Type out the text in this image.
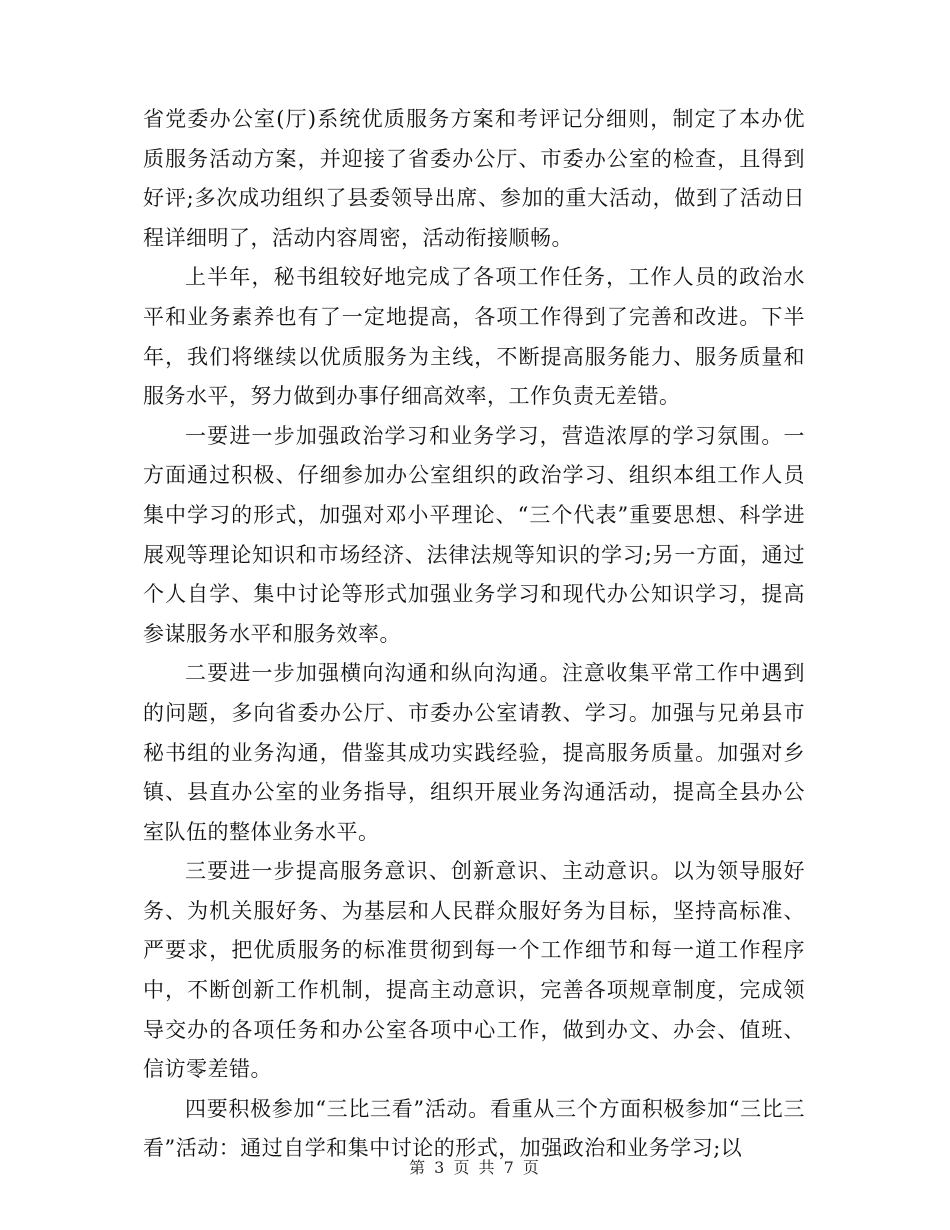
省党委办公室(厅)系统优质服务方案和考评记分细则，制定了本办优质服务活动方案，并迎接了省委办公厅、市委办公室的检查，且得到好评;多次成功组织了县委领导出席、参加的重大活动，做到了活动日程详细明了，活动内容周密，活动衔接顺畅。

上半年，秘书组较好地完成了各项工作任务，工作人员的政治水平和业务素养也有了一定地提高，各项工作得到了完善和改进。下半年，我们将继续以优质服务为主线，不断提高服务能力、服务质量和服务水平，努力做到办事仔细高效率，工作负责无差错。

一要进一步加强政治学习和业务学习，营造浓厚的学习氛围。一方面通过积极、仔细参加办公室组织的政治学习、组织本组工作人员集中学习的形式，加强对邓小平理论、“三个代表”重要思想、科学进展观等理论知识和市场经济、法律法规等知识的学习;另一方面，通过个人自学、集中讨论等形式加强业务学习和现代办公知识学习，提高参谋服务水平和服务效率。

二要进一步加强横向沟通和纵向沟通。注意收集平常工作中遇到的问题，多向省委办公厅、市委办公室请教、学习。加强与兄弟县市秘书组的业务沟通，借鉴其成功实践经验，提高服务质量。加强对乡镇、县直办公室的业务指导，组织开展业务沟通活动，提高全县办公室队伍的整体业务水平。

三要进一步提高服务意识、创新意识、主动意识。以为领导服好务、为机关服好务、为基层和人民群众服好务为目标，坚持高标准、严要求，把优质服务的标准贯彻到每一个工作细节和每一道工作程序中，不断创新工作机制，提高主动意识，完善各项规章制度，完成领导交办的各项任务和办公室各项中心工作，做到办文、办会、值班、信访零差错。

四要积极参加“三比三看”活动。看重从三个方面积极参加“三比三看”活动：通过自学和集中讨论的形式，加强政治和业务学习;以

第 3 页 共 7 页
